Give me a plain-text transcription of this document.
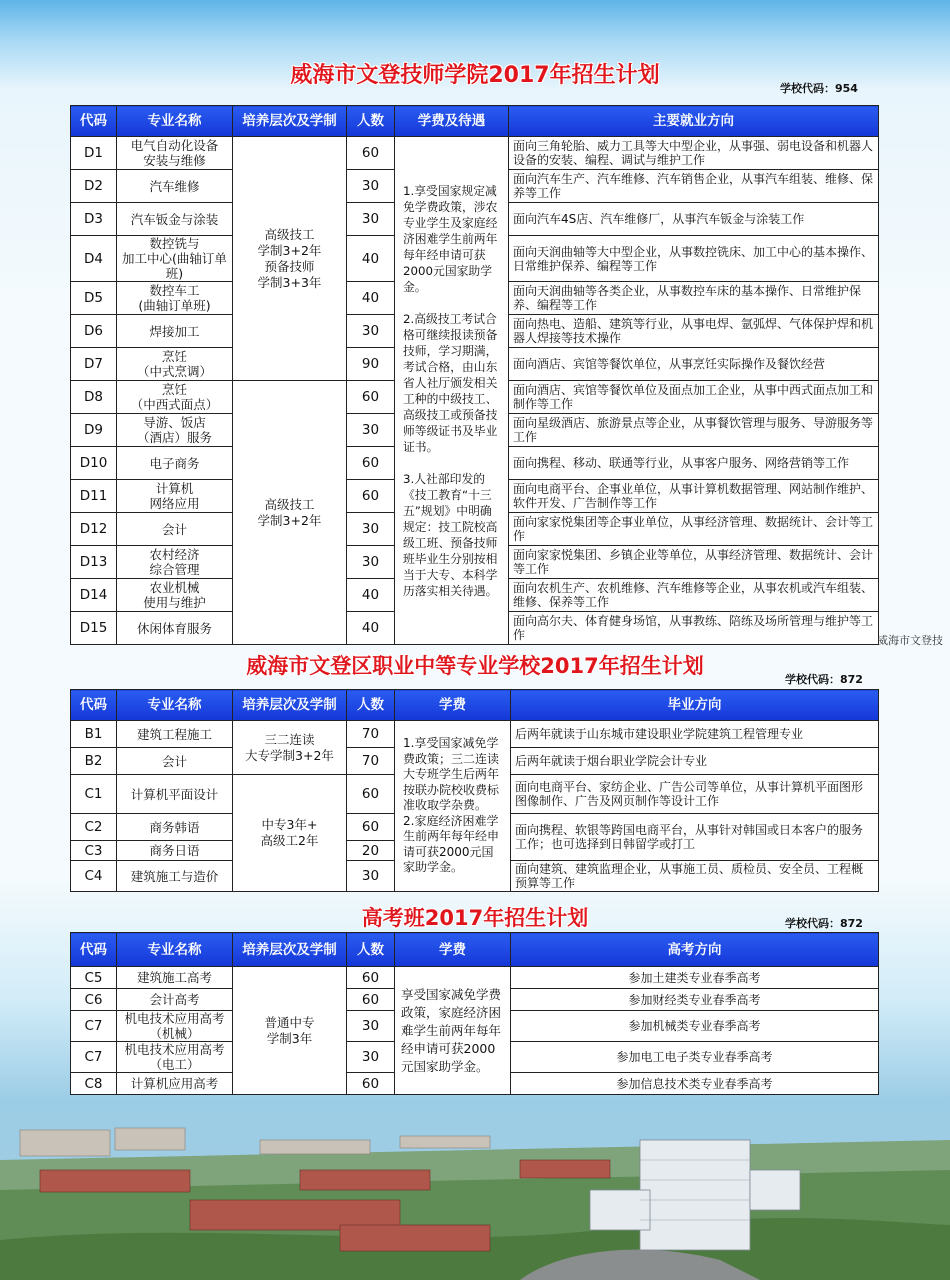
威海市文登技师学院2017年招生计划
学校代码：954
代码	专业名称	培养层次及学制	人数	学费及待遇	主要就业方向
D1	电气自动化设备
安装与维修	高级技工
学制3+2年
预备技师
学制3+3年	60	1.享受国家规定减免学费政策，涉农专业学生及家庭经济困难学生前两年每年经申请可获2000元国家助学金。

2.高级技工考试合格可继续报读预备技师，学习期满，考试合格，由山东省人社厅颁发相关工种的中级技工、高级技工或预备技师等级证书及毕业证书。

3.人社部印发的《技工教育“十三五”规划》中明确规定：技工院校高级工班、预备技师班毕业生分别按相当于大专、本科学历落实相关待遇。	面向三角轮胎、威力工具等大中型企业，从事强、弱电设备和机器人设备的安装、编程、调试与维护工作
D2	汽车维修		30		面向汽车生产、汽车维修、汽车销售企业，从事汽车组装、维修、保养等工作
D3	汽车钣金与涂装		30		面向汽车4S店、汽车维修厂，从事汽车钣金与涂装工作
D4	数控铣与
加工中心(曲轴订单班)		40		面向天润曲轴等大中型企业，从事数控铣床、加工中心的基本操作、日常维护保养、编程等工作
D5	数控车工
(曲轴订单班)		40		面向天润曲轴等各类企业，从事数控车床的基本操作、日常维护保养、编程等工作
D6	焊接加工		30		面向热电、造船、建筑等行业，从事电焊、氩弧焊、气体保护焊和机器人焊接等技术操作
D7	烹饪
（中式烹调）		90		面向酒店、宾馆等餐饮单位，从事烹饪实际操作及餐饮经营
D8	烹饪
（中西式面点）	高级技工
学制3+2年	60		面向酒店、宾馆等餐饮单位及面点加工企业，从事中西式面点加工和制作等工作
D9	导游、饭店
（酒店）服务		30		面向星级酒店、旅游景点等企业，从事餐饮管理与服务、导游服务等工作
D10	电子商务		60		面向携程、移动、联通等行业，从事客户服务、网络营销等工作
D11	计算机
网络应用		60		面向电商平台、企事业单位，从事计算机数据管理、网站制作维护、软件开发、广告制作等工作
D12	会计		30		面向家家悦集团等企事业单位，从事经济管理、数据统计、会计等工作
D13	农村经济
综合管理		30		面向家家悦集团、乡镇企业等单位，从事经济管理、数据统计、会计等工作
D14	农业机械
使用与维护		40		面向农机生产、农机维修、汽车维修等企业，从事农机或汽车组装、维修、保养等工作
D15	休闲体育服务		40		面向高尔夫、体育健身场馆，从事教练、陪练及场所管理与维护等工作	威海市文登技
威海市文登区职业中等专业学校2017年招生计划
学校代码：872
代码	专业名称	培养层次及学制	人数	学费	毕业方向
B1	建筑工程施工	三二连读
大专学制3+2年	70	1.享受国家减免学费政策；三二连读大专班学生后两年按联办院校收费标准收取学杂费。
2.家庭经济困难学生前两年每年经申请可获2000元国家助学金。	后两年就读于山东城市建设职业学院建筑工程管理专业
B2	会计		70		后两年就读于烟台职业学院会计专业
C1	计算机平面设计	中专3年+
高级工2年	60		面向电商平台、家纺企业、广告公司等单位，从事计算机平面图形图像制作、广告及网页制作等设计工作
C2	商务韩语		60		面向携程、软银等跨国电商平台，从事针对韩国或日本客户的服务工作；也可选择到日韩留学或打工
C3	商务日语		20		
C4	建筑施工与造价		30		面向建筑、建筑监理企业，从事施工员、质检员、安全员、工程概预算等工作
高考班2017年招生计划	学校代码：872
代码	专业名称	培养层次及学制	人数	学费	高考方向
C5	建筑施工高考	普通中专
学制3年	60	享受国家减免学费政策，家庭经济困难学生前两年每年经申请可获2000元国家助学金。	参加土建类专业春季高考
C6	会计高考		60		参加财经类专业春季高考
C7	机电技术应用高考
（机械）		30		参加机械类专业春季高考
C7	机电技术应用高考
（电工）		30		参加电工电子类专业春季高考
C8	计算机应用高考		60		参加信息技术类专业春季高考
